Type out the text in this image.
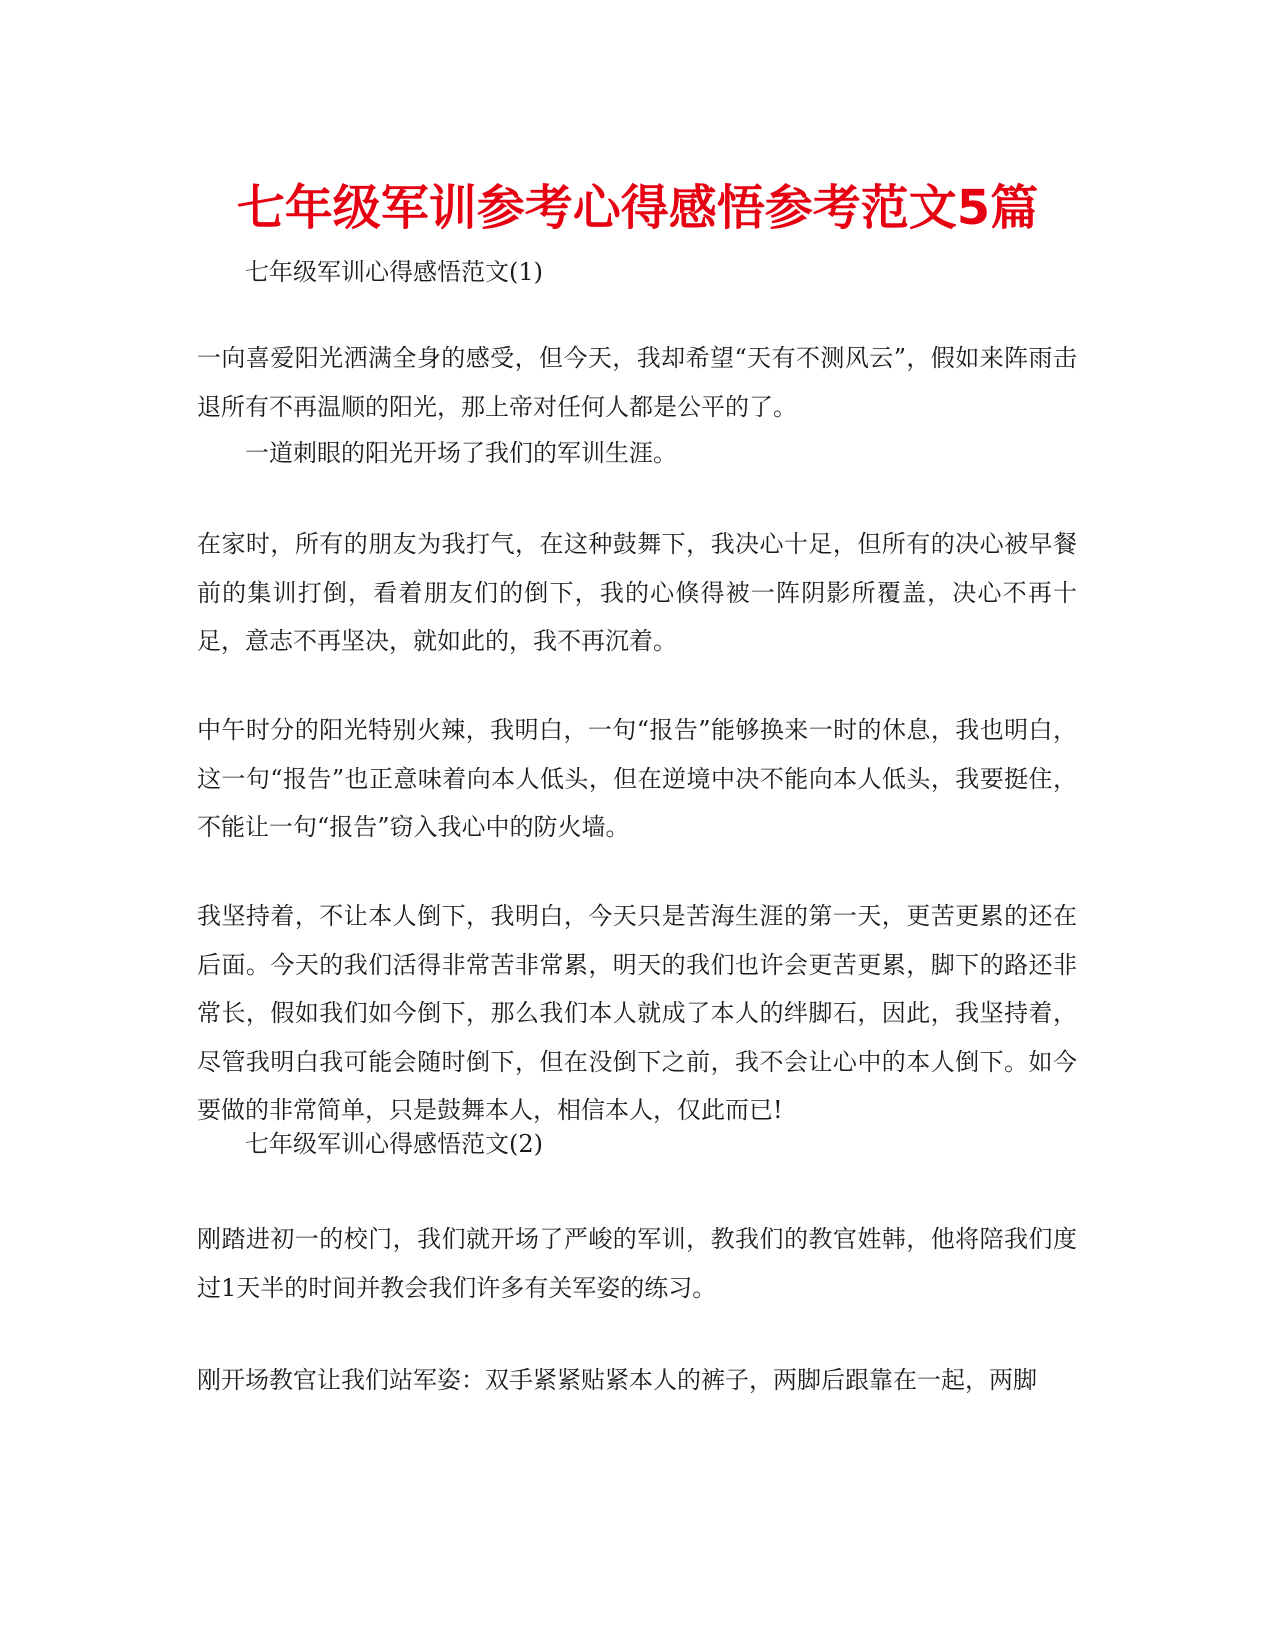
七年级军训参考心得感悟参考范文5篇
七年级军训心得感悟范文(1)
一向喜爱阳光洒满全身的感受，但今天，我却希望“天有不测风云”，假如来阵雨击退所有不再温顺的阳光，那上帝对任何人都是公平的了。
一道刺眼的阳光开场了我们的军训生涯。
在家时，所有的朋友为我打气，在这种鼓舞下，我决心十足，但所有的决心被早餐前的集训打倒，看着朋友们的倒下，我的心倏得被一阵阴影所覆盖，决心不再十足，意志不再坚决，就如此的，我不再沉着。
中午时分的阳光特别火辣，我明白，一句“报告”能够换来一时的休息，我也明白，这一句“报告”也正意味着向本人低头，但在逆境中决不能向本人低头，我要挺住，不能让一句“报告”窃入我心中的防火墙。
我坚持着，不让本人倒下，我明白，今天只是苦海生涯的第一天，更苦更累的还在后面。今天的我们活得非常苦非常累，明天的我们也许会更苦更累，脚下的路还非常长，假如我们如今倒下，那么我们本人就成了本人的绊脚石，因此，我坚持着，尽管我明白我可能会随时倒下，但在没倒下之前，我不会让心中的本人倒下。如今要做的非常简单，只是鼓舞本人，相信本人，仅此而已!
七年级军训心得感悟范文(2)
刚踏进初一的校门，我们就开场了严峻的军训，教我们的教官姓韩，他将陪我们度过1天半的时间并教会我们许多有关军姿的练习。
刚开场教官让我们站军姿：双手紧紧贴紧本人的裤子，两脚后跟靠在一起，两脚
